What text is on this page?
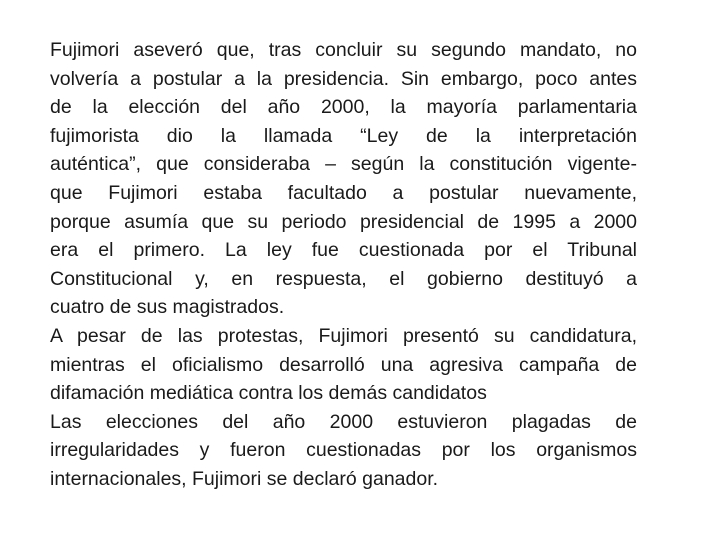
Fujimori aseveró que, tras concluir su segundo mandato, no
volvería a postular a la presidencia. Sin embargo, poco antes
de la elección del año 2000, la mayoría parlamentaria
fujimorista dio la llamada “Ley de la interpretación
auténtica”, que consideraba – según la constitución vigente-
que Fujimori estaba facultado a postular nuevamente,
porque asumía que su periodo presidencial de 1995 a 2000
era el primero. La ley fue cuestionada por el Tribunal
Constitucional y, en respuesta, el gobierno destituyó a
cuatro de sus magistrados.
A pesar de las protestas, Fujimori presentó su candidatura,
mientras el oficialismo desarrolló una agresiva campaña de
difamación mediática contra los demás candidatos
Las elecciones del año 2000 estuvieron plagadas de
irregularidades y fueron cuestionadas por los organismos
internacionales, Fujimori se declaró ganador.
